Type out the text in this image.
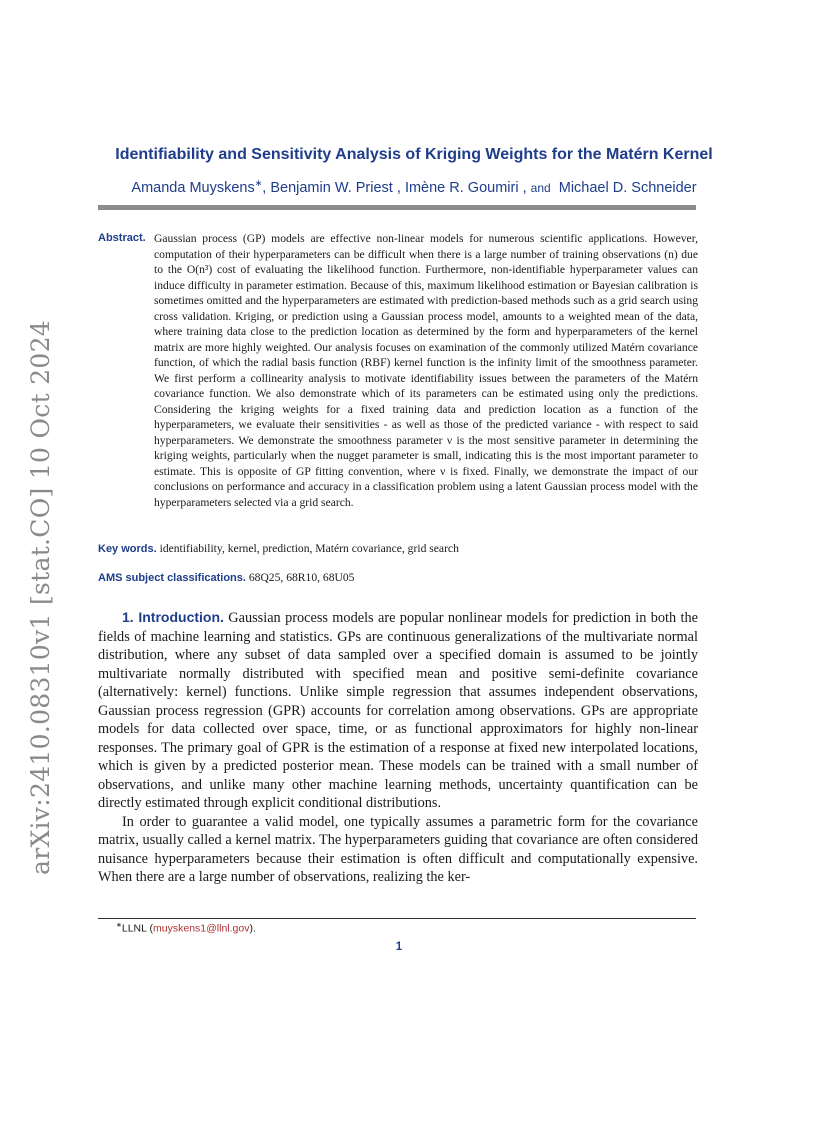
arXiv:2410.08310v1 [stat.CO] 10 Oct 2024
Identifiability and Sensitivity Analysis of Kriging Weights for the Matérn Kernel
Amanda Muyskens∗, Benjamin W. Priest , Imène R. Goumiri , and Michael D. Schneider
Abstract. Gaussian process (GP) models are effective non-linear models for numerous scientific applications. However, computation of their hyperparameters can be difficult when there is a large number of training observations (n) due to the O(n³) cost of evaluating the likelihood function. Furthermore, non-identifiable hyperparameter values can induce difficulty in parameter estimation. Because of this, maximum likelihood estimation or Bayesian calibration is sometimes omitted and the hyperparameters are estimated with prediction-based methods such as a grid search using cross validation. Kriging, or prediction using a Gaussian process model, amounts to a weighted mean of the data, where training data close to the prediction location as determined by the form and hyperparameters of the kernel matrix are more highly weighted. Our analysis focuses on examination of the commonly utilized Matérn covariance function, of which the radial basis function (RBF) kernel function is the infinity limit of the smoothness parameter. We first perform a collinearity analysis to motivate identifiability issues between the parameters of the Matérn covariance function. We also demonstrate which of its parameters can be estimated using only the predictions. Considering the kriging weights for a fixed training data and prediction location as a function of the hyperparameters, we evaluate their sensitivities - as well as those of the predicted variance - with respect to said hyperparameters. We demonstrate the smoothness parameter ν is the most sensitive parameter in determining the kriging weights, particularly when the nugget parameter is small, indicating this is the most important parameter to estimate. This is opposite of GP fitting convention, where ν is fixed. Finally, we demonstrate the impact of our conclusions on performance and accuracy in a classification problem using a latent Gaussian process model with the hyperparameters selected via a grid search.
Key words. identifiability, kernel, prediction, Matérn covariance, grid search
AMS subject classifications. 68Q25, 68R10, 68U05

1. Introduction. Gaussian process models are popular nonlinear models for prediction in both the fields of machine learning and statistics. GPs are continuous generalizations of the multivariate normal distribution, where any subset of data sampled over a specified domain is assumed to be jointly multivariate normally distributed with specified mean and positive semi-definite covariance (alternatively: kernel) functions. Unlike simple regression that assumes independent observations, Gaussian process regression (GPR) accounts for correlation among observations. GPs are appropriate models for data collected over space, time, or as functional approximators for highly non-linear responses. The primary goal of GPR is the estimation of a response at fixed new interpolated locations, which is given by a predicted posterior mean. These models can be trained with a small number of observations, and unlike many other machine learning methods, uncertainty quantification can be directly estimated through explicit conditional distributions.

In order to guarantee a valid model, one typically assumes a parametric form for the covariance matrix, usually called a kernel matrix. The hyperparameters guiding that covariance are often considered nuisance hyperparameters because their estimation is often difficult and computationally expensive. When there are a large number of observations, realizing the ker-

∗LLNL (muyskens1@llnl.gov).
1
